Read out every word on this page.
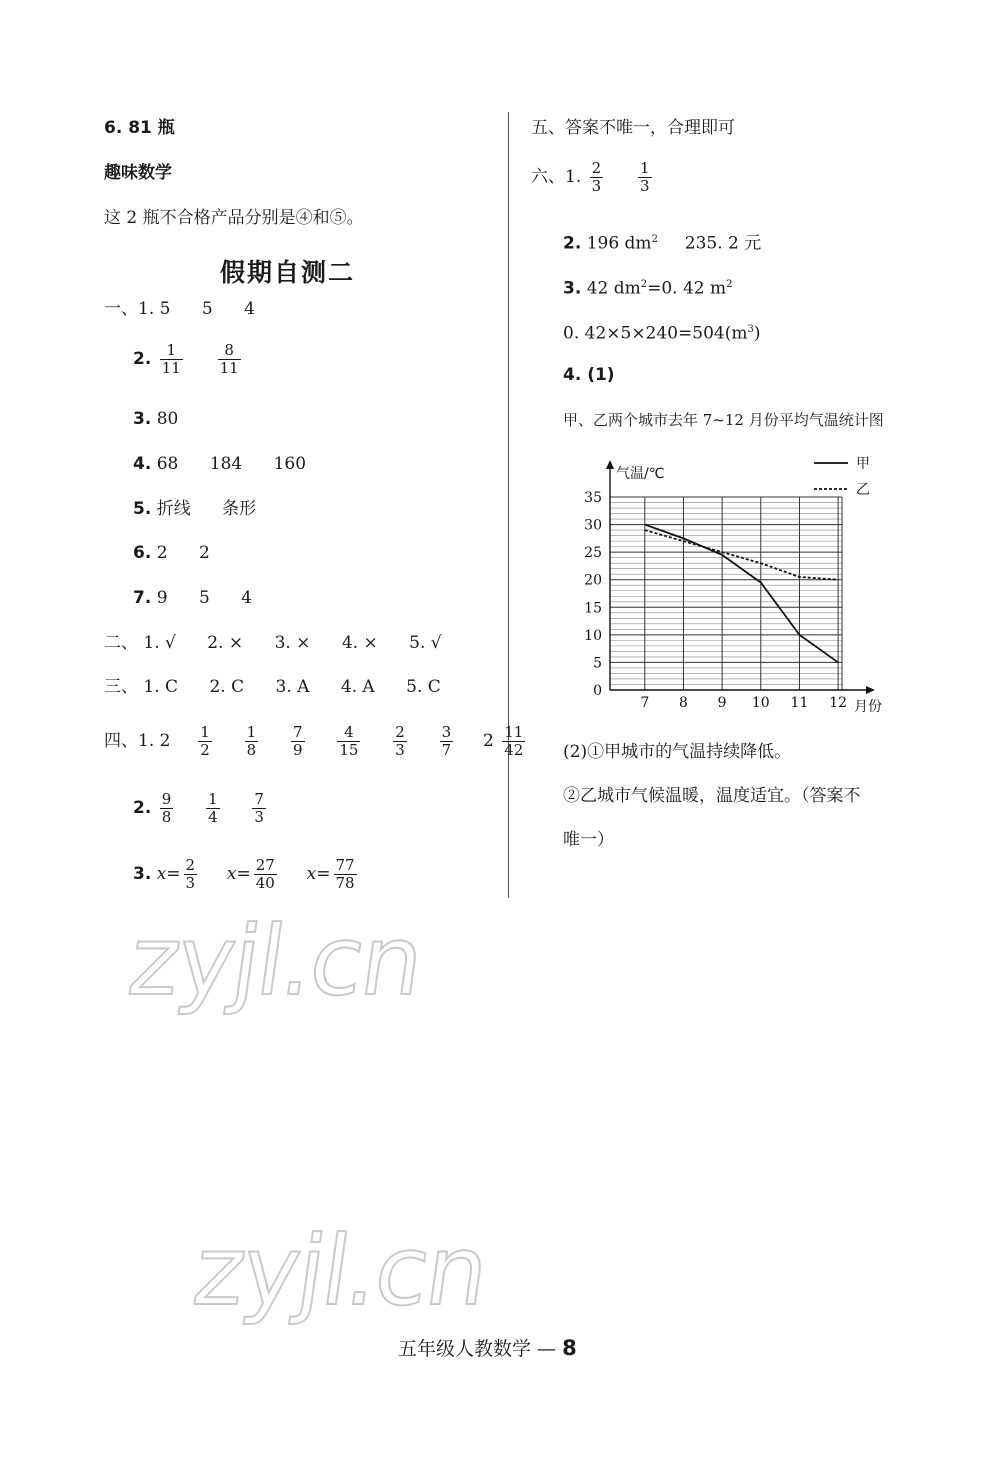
6. 81 瓶
趣味数学
这 2 瓶不合格产品分别是④和⑤。
假期自测二
一、1. 5 5 4
2. $\frac{1}{11}$
$\frac{8}{11}$
3. 80
4. 68 184 160
5. 折线 条形
6. 2 2
7. 9 5 4
二、 1. √ 2. × 3. × 4. × 5. √
三、 1. C 2. C 3. A 4. A 5. C
四、1. $2 \frac{1}{2}$
$\frac{1}{8}$
$\frac{7}{9}$
$\frac{4}{15}$
$\frac{2}{3}$
$\frac{3}{7} 2 \frac{11}{42}$
2. $\frac{9}{8}$
$\frac{1}{4}$
$\frac{7}{3}$
3. $x= \frac{2}{3} x= \frac{27}{40} x= \frac{77}{78}$
五、答案不唯一，合理即可
六、1. $\frac{2}{3}$
$\frac{1}{3}$
2. 196 $dm^2$ 235. 2 元
3. 42 $dm^2=0$. 42 $m^2$
0. $42\times 5\times 240=504(m^3)$
4. (1)
甲、乙两个城市去年 7~12 月份平均气温统计图
气温/℃
月份
0
5
10
15
20
25
30
35
7 8 9 10 11 12
甲
乙
(2)①甲城市的气温持续降低。
②乙城市气候温暖，温度适宜。（答案不
唯一）
zyjl.cn
zyjl.cn
五年级人教数学 — 8
